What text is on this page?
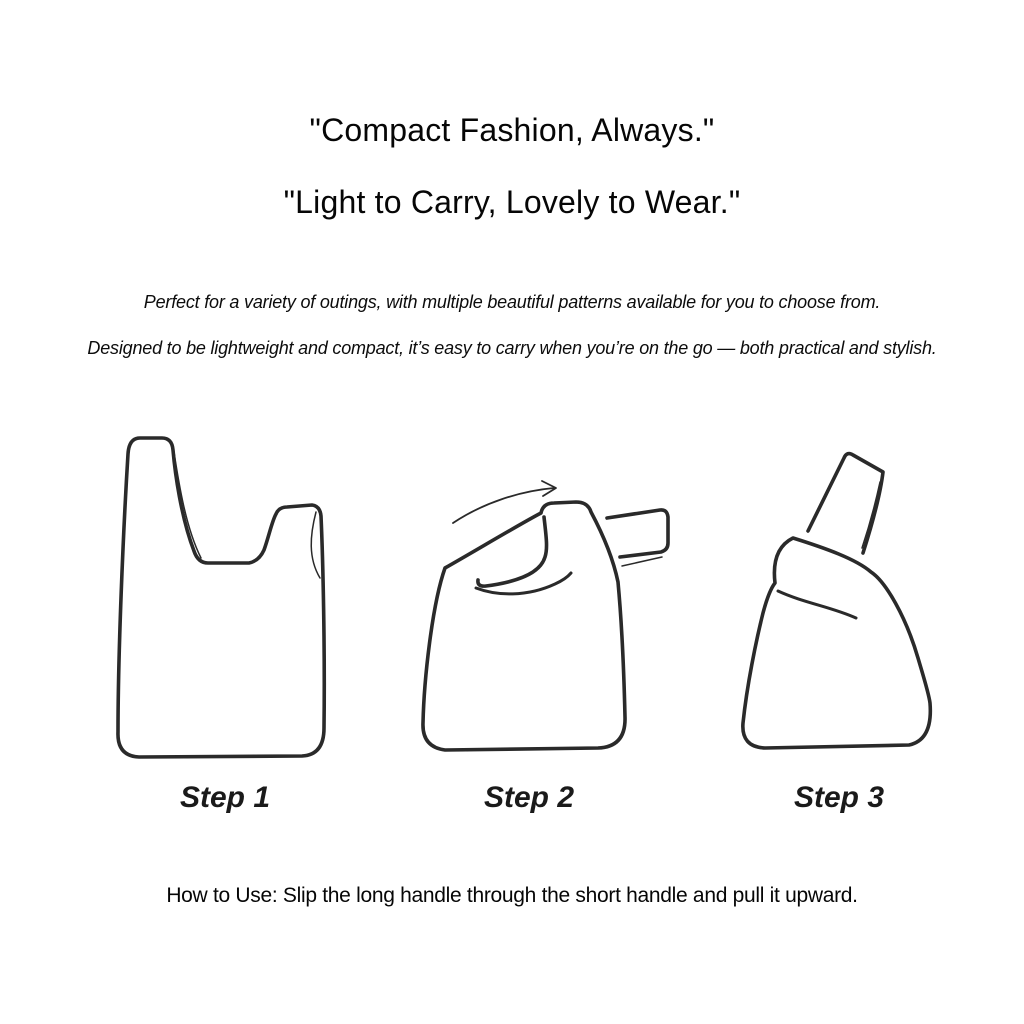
"Compact Fashion, Always."
"Light to Carry, Lovely to Wear."
Perfect for a variety of outings, with multiple beautiful patterns available for you to choose from.
Designed to be lightweight and compact, it’s easy to carry when you’re on the go — both practical and stylish.
Step 1	Step 2	Step 3
How to Use: Slip the long handle through the short handle and pull it upward.
